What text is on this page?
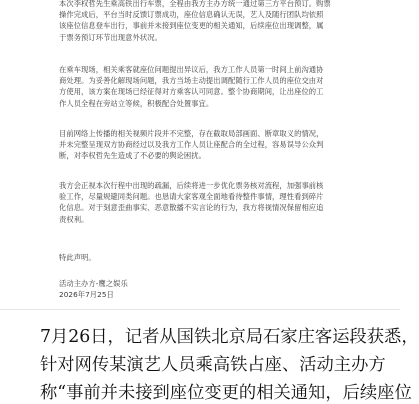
本次李权哲先生乘高铁出行车票，全程由我方主办方统一通过第三方平台预订。购票
操作完成后，平台当时反馈订票成功，座位信息确认无误，艺人及随行团队均依照
该座位信息登车出行，事前并未接到座位变更的相关通知，后续座位出现调整，属
于票务预订环节出现意外状况。
在乘车现场，相关乘客就座位问题提出异议后，我方工作人员第一时间上前沟通协
商处理。为妥善化解现场问题，我方当场主动提出调配随行工作人员的座位交由对
方使用，该方案在现场已经征得对方乘客认可同意。整个协商期间，让出座位的工
作人员全程在旁站立等候，积极配合处置事宜。
目前网络上传播的相关视频片段并不完整，存在截取局部画面、断章取义的情况，
并未完整呈现双方协商经过以及我方工作人员让座配合的全过程，容易误导公众判
断，对李权哲先生造成了不必要的舆论困扰。
我方会正视本次行程中出现的疏漏，后续将进一步优化票务核对流程，加强事前核
验工作，尽量规避同类问题。也恳请大家客观全面地看待整件事情，理性看到碎片
化信息。对于刻意歪曲事实、恶意散播不实言论的行为，我方将视情况保留相应追
责权利。
特此声明。
活动主办方-鹰之娱乐
2026年7月25日
7月26日，记者从国铁北京局石家庄客运段获悉，
针对网传某演艺人员乘高铁占座、活动主办方
称“事前并未接到座位变更的相关通知，后续座位
